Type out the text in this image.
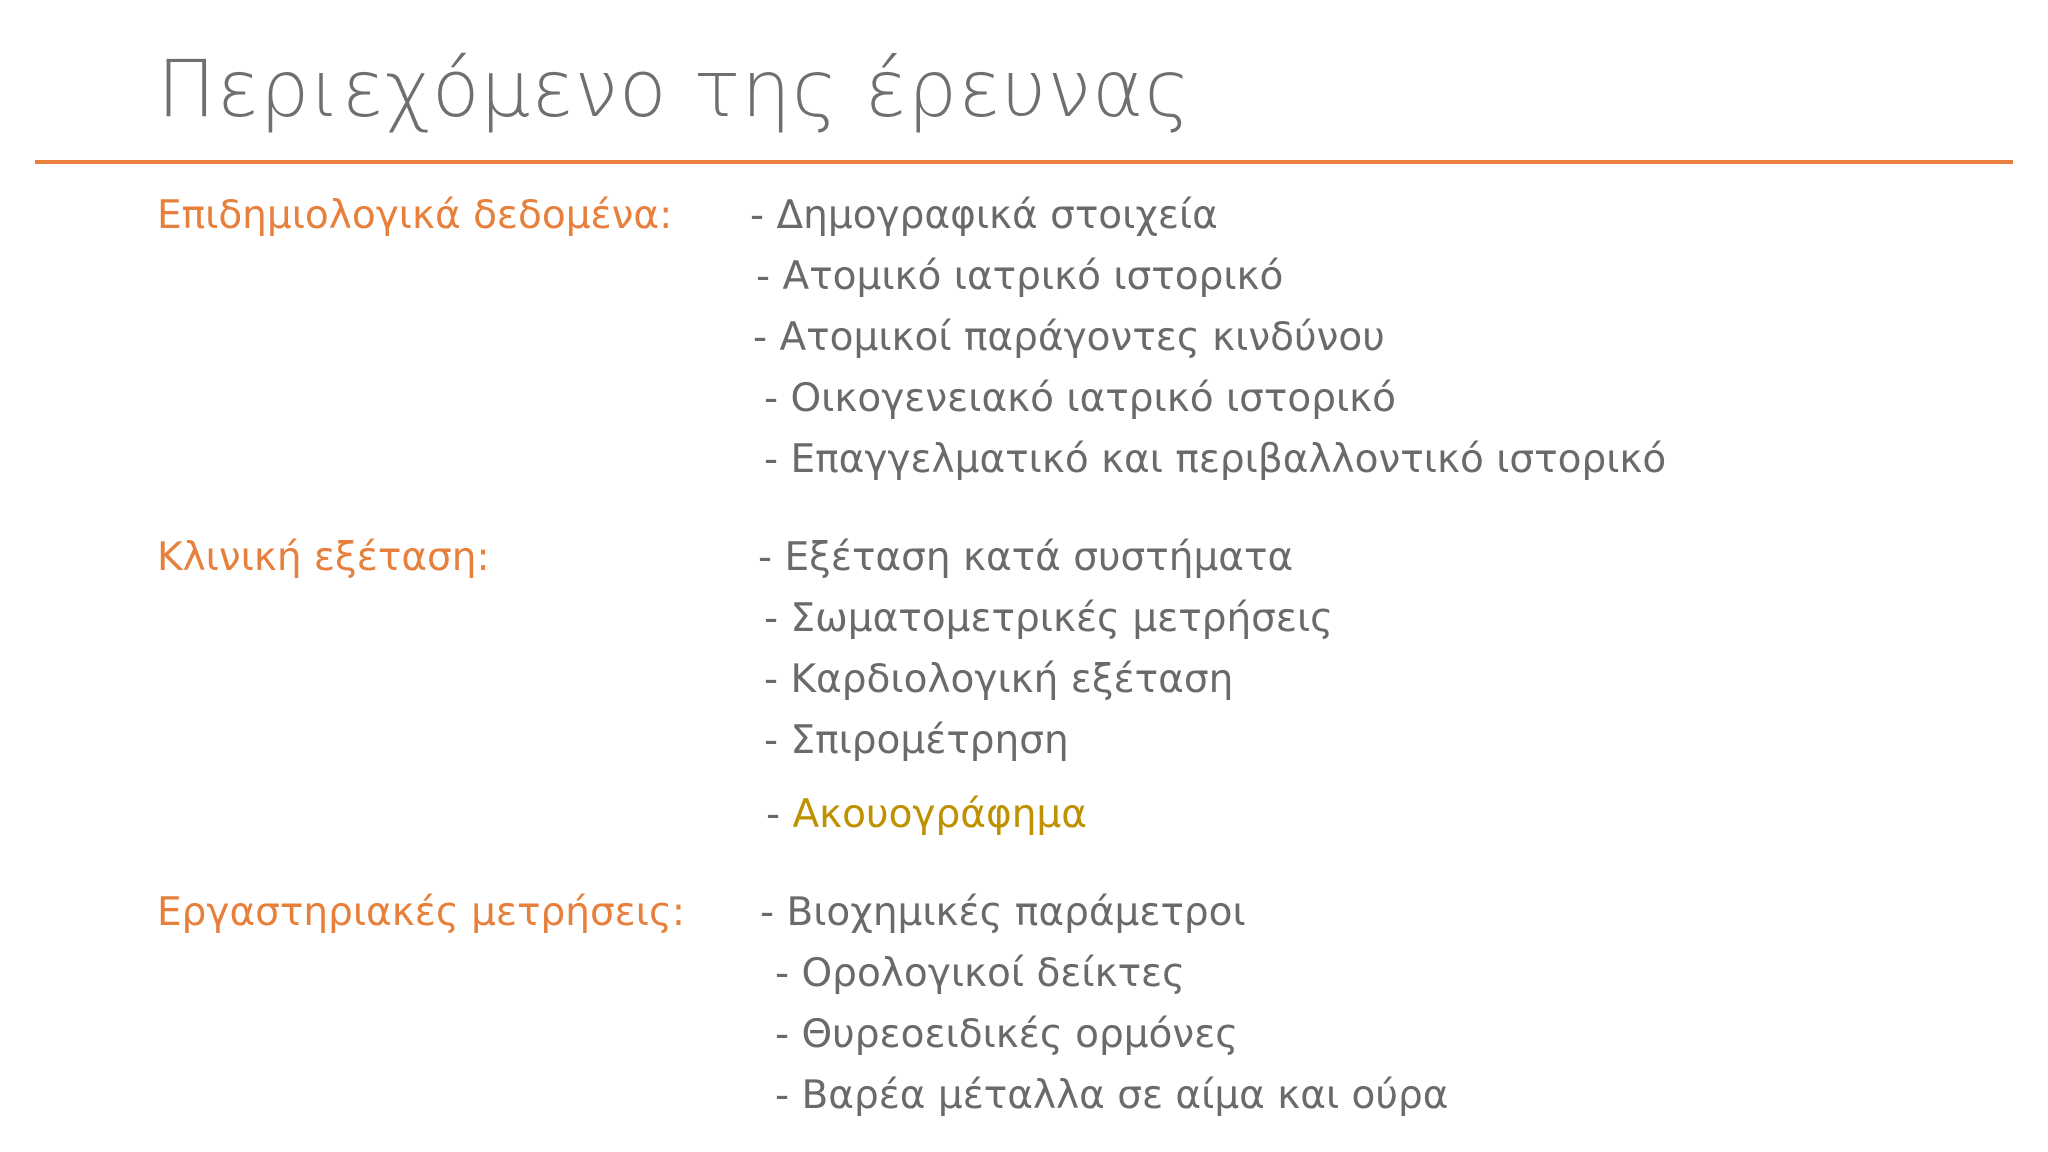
Περιεχόμενο της έρευνας
Επιδημιολογικά δεδομένα: - Δημογραφικά στοιχεία
- Ατομικό ιατρικό ιστορικό
- Ατομικοί παράγοντες κινδύνου
- Οικογενειακό ιατρικό ιστορικό
- Επαγγελματικό και περιβαλλοντικό ιστορικό
Κλινική εξέταση:	- Εξέταση κατά συστήματα
- Σωματομετρικές μετρήσεις
- Καρδιολογική εξέταση
- Σπιρομέτρηση
- Ακουογράφημα
Εργαστηριακές μετρήσεις: - Βιοχημικές παράμετροι
- Ορολογικοί δείκτες
- Θυρεοειδικές ορμόνες
- Βαρέα μέταλλα σε αίμα και ούρα
